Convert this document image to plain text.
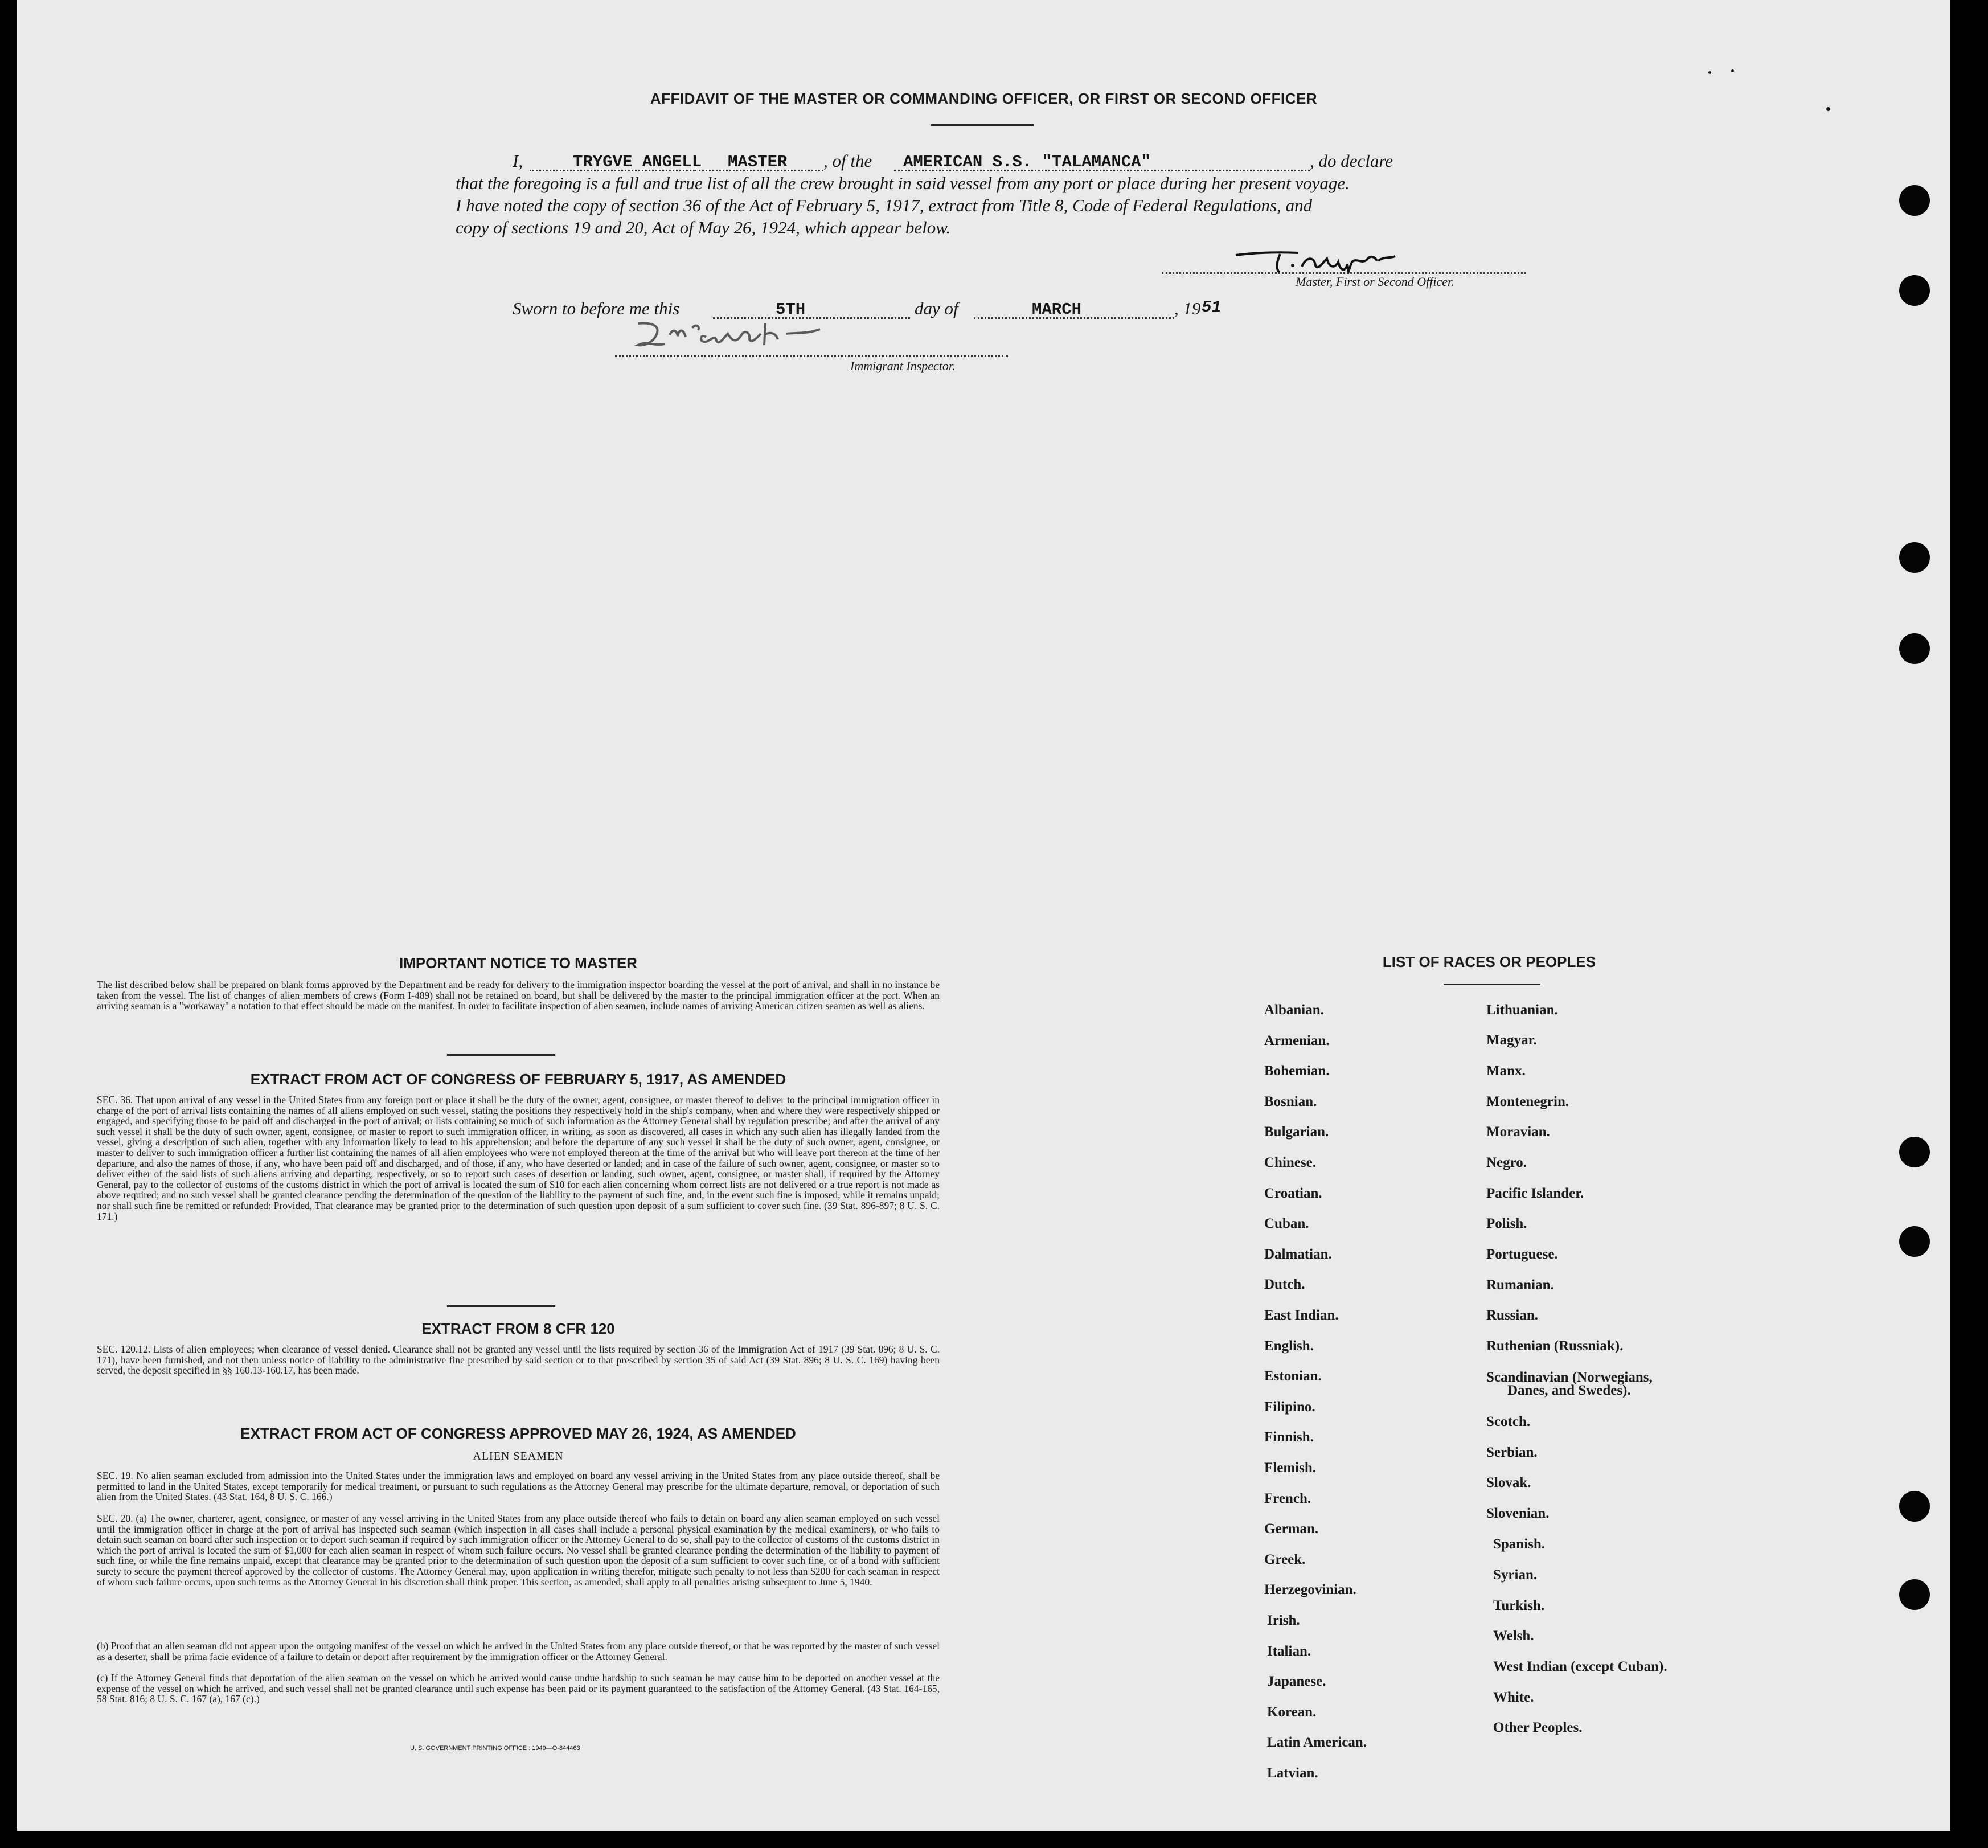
AFFIDAVIT OF THE MASTER OR COMMANDING OFFICER, OR FIRST OR SECOND OFFICER
I,	TRYGVE ANGELL MASTER , of the AMERICAN S.S. "TALAMANCA"	, do declare
that the foregoing is a full and true list of all the crew brought in said vessel from any port or place during her present voyage.
I have noted the copy of section 36 of the Act of February 5, 1917, extract from Title 8, Code of Federal Regulations, and
copy of sections 19 and 20, Act of May 26, 1924, which appear below.
Master, First or Second Officer.
Sworn to before me this	5TH	day of	MARCH	, 19 51
Immigrant Inspector.
IMPORTANT NOTICE TO MASTER
The list described below shall be prepared on blank forms approved by the Department and be ready for delivery to the immigration inspector boarding the vessel at the port of arrival, and shall in no instance be taken from the vessel. The list of changes of alien members of crews (Form I-489) shall not be retained on board, but shall be delivered by the master to the principal immigration officer at the port. When an arriving seaman is a "workaway" a notation to that effect should be made on the manifest. In order to facilitate inspection of alien seamen, include names of arriving American citizen seamen as well as aliens.
EXTRACT FROM ACT OF CONGRESS OF FEBRUARY 5, 1917, AS AMENDED
SEC. 36. That upon arrival of any vessel in the United States from any foreign port or place it shall be the duty of the owner, agent, consignee, or master thereof to deliver to the principal immigration officer in charge of the port of arrival lists containing the names of all aliens employed on such vessel, stating the positions they respectively hold in the ship's company, when and where they were respectively shipped or engaged, and specifying those to be paid off and discharged in the port of arrival; or lists containing so much of such information as the Attorney General shall by regulation prescribe; and after the arrival of any such vessel it shall be the duty of such owner, agent, consignee, or master to report to such immigration officer, in writing, as soon as discovered, all cases in which any such alien has illegally landed from the vessel, giving a description of such alien, together with any information likely to lead to his apprehension; and before the departure of any such vessel it shall be the duty of such owner, agent, consignee, or master to deliver to such immigration officer a further list containing the names of all alien employees who were not employed thereon at the time of the arrival but who will leave port thereon at the time of her departure, and also the names of those, if any, who have been paid off and discharged, and of those, if any, who have deserted or landed; and in case of the failure of such owner, agent, consignee, or master so to deliver either of the said lists of such aliens arriving and departing, respectively, or so to report such cases of desertion or landing, such owner, agent, consignee, or master shall, if required by the Attorney General, pay to the collector of customs of the customs district in which the port of arrival is located the sum of $10 for each alien concerning whom correct lists are not delivered or a true report is not made as above required; and no such vessel shall be granted clearance pending the determination of the question of the liability to the payment of such fine, and, in the event such fine is imposed, while it remains unpaid; nor shall such fine be remitted or refunded: Provided, That clearance may be granted prior to the determination of such question upon deposit of a sum sufficient to cover such fine. (39 Stat. 896-897; 8 U. S. C. 171.)
EXTRACT FROM 8 CFR 120
SEC. 120.12. Lists of alien employees; when clearance of vessel denied. Clearance shall not be granted any vessel until the lists required by section 36 of the Immigration Act of 1917 (39 Stat. 896; 8 U. S. C. 171), have been furnished, and not then unless notice of liability to the administrative fine prescribed by said section or to that prescribed by section 35 of said Act (39 Stat. 896; 8 U. S. C. 169) having been served, the deposit specified in §§ 160.13-160.17, has been made.
EXTRACT FROM ACT OF CONGRESS APPROVED MAY 26, 1924, AS AMENDED
ALIEN SEAMEN
SEC. 19. No alien seaman excluded from admission into the United States under the immigration laws and employed on board any vessel arriving in the United States from any place outside thereof, shall be permitted to land in the United States, except temporarily for medical treatment, or pursuant to such regulations as the Attorney General may prescribe for the ultimate departure, removal, or deportation of such alien from the United States. (43 Stat. 164, 8 U. S. C. 166.)
SEC. 20. (a) The owner, charterer, agent, consignee, or master of any vessel arriving in the United States from any place outside thereof who fails to detain on board any alien seaman employed on such vessel until the immigration officer in charge at the port of arrival has inspected such seaman (which inspection in all cases shall include a personal physical examination by the medical examiners), or who fails to detain such seaman on board after such inspection or to deport such seaman if required by such immigration officer or the Attorney General to do so, shall pay to the collector of customs of the customs district in which the port of arrival is located the sum of $1,000 for each alien seaman in respect of whom such failure occurs. No vessel shall be granted clearance pending the determination of the liability to payment of such fine, or while the fine remains unpaid, except that clearance may be granted prior to the determination of such question upon the deposit of a sum sufficient to cover such fine, or of a bond with sufficient surety to secure the payment thereof approved by the collector of customs. The Attorney General may, upon application in writing therefor, mitigate such penalty to not less than $200 for each seaman in respect of whom such failure occurs, upon such terms as the Attorney General in his discretion shall think proper. This section, as amended, shall apply to all penalties arising subsequent to June 5, 1940.
(b) Proof that an alien seaman did not appear upon the outgoing manifest of the vessel on which he arrived in the United States from any place outside thereof, or that he was reported by the master of such vessel as a deserter, shall be prima facie evidence of a failure to detain or deport after requirement by the immigration officer or the Attorney General.
(c) If the Attorney General finds that deportation of the alien seaman on the vessel on which he arrived would cause undue hardship to such seaman he may cause him to be deported on another vessel at the expense of the vessel on which he arrived, and such vessel shall not be granted clearance until such expense has been paid or its payment guaranteed to the satisfaction of the Attorney General. (43 Stat. 164-165, 58 Stat. 816; 8 U. S. C. 167 (a), 167 (c).)
U. S. GOVERNMENT PRINTING OFFICE : 1949—O-844463
LIST OF RACES OR PEOPLES
Albanian.
Armenian.
Bohemian.
Bosnian.
Bulgarian.
Chinese.
Croatian.
Cuban.
Dalmatian.
Dutch.
East Indian.
English.
Estonian.
Filipino.
Finnish.
Flemish.
French.
German.
Greek.
Herzegovinian.
Irish.
Italian.
Japanese.
Korean.
Latin American.
Latvian.
Lithuanian.
Magyar.
Manx.
Montenegrin.
Moravian.
Negro.
Pacific Islander.
Polish.
Portuguese.
Rumanian.
Russian.
Ruthenian (Russniak).
Scandinavian (Norwegians,
Danes, and Swedes).
Scotch.
Serbian.
Slovak.
Slovenian.
Spanish.
Syrian.
Turkish.
Welsh.
West Indian (except Cuban).
White.
Other Peoples.
